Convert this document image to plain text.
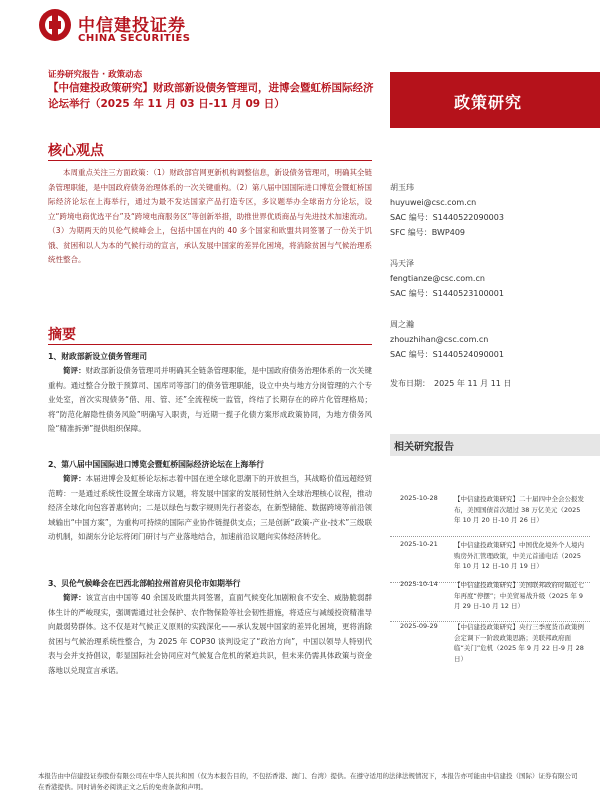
中信建投证券
CHINA SECURITIES
证券研究报告 · 政策动态
【中信建投政策研究】财政部新设债务管理司，进博会暨虹桥国际经济论坛举行（2025 年 11 月 03 日-11 月 09 日）	政策研究
核心观点
本周重点关注三方面政策：（1）财政部官网更新机构调整信息，新设债务管理司，明确其全链条管理职能，是中国政府债务治理体系的一次关键重构。（2）第八届中国国际进口博览会暨虹桥国际经济论坛在上海举行，通过为最不发达国家产品打造专区，多议题举办全球南方分论坛，设立“跨境电商优选平台”及“跨境电商服务区”等创新举措，助推世界优质商品与先进技术加速流动。（3）为期两天的贝伦气候峰会上，包括中国在内的 40 多个国家和欧盟共同签署了一份关于饥饿、贫困和以人为本的气候行动的宣言，承认发展中国家的差异化困境，将消除贫困与气候治理系统性整合。
摘要
1、财政部新设立债务管理司
简评：财政部新设债务管理司并明确其全链条管理职能，是中国政府债务治理体系的一次关键重构。通过整合分散于预算司、国库司等部门的债务管理职能，设立中央与地方分岗管理的六个专业处室，首次实现债务“借、用、管、还”全流程统一监管，终结了长期存在的碎片化管理格局；将“防范化解隐性债务风险”明确写入职责，与近期一揽子化债方案形成政策协同，为地方债务风险“精准拆弹”提供组织保障。
2、第八届中国国际进口博览会暨虹桥国际经济论坛在上海举行
简评：本届进博会及虹桥论坛标志着中国在逆全球化思潮下的开放担当，其战略价值远超经贸范畴：一是通过系统性设置全球南方议题，将发展中国家的发展韧性纳入全球治理核心议程，推动经济全球化向包容普惠转向；二是以绿色与数字规则先行者姿态，在新型储能、数据跨境等前沿领域输出“中国方案”，为重构可持续的国际产业协作链提供支点；三是创新“政策-产业-技术”三级联动机制，如湖东分论坛将闭门研讨与产业落地结合，加速前沿议题向实体经济转化。
3、贝伦气候峰会在巴西北部帕拉州首府贝伦市如期举行
简评：该宣言由中国等 40 余国及欧盟共同签署，直面气候变化加剧粮食不安全、威胁脆弱群体生计的严峻现实，强调需通过社会保护、农作物保险等社会韧性措施，将适应与减缓投资精准导向最弱势群体。这不仅是对气候正义原则的实践深化——承认发展中国家的差异化困境，更将消除贫困与气候治理系统性整合，为 2025 年 COP30 谈判设定了“政治方向”，中国以领导人特别代表与会并支持倡议，彰显国际社会协同应对气候复合危机的紧迫共识，但未来仍需具体政策与资金落地以兑现宣言承诺。
胡玉玮
huyuwei@csc.com.cn
SAC 编号：S1440522090003
SFC 编号：BWP409
冯天泽
fengtianze@csc.com.cn
SAC 编号：S1440523100001
周之瀚
zhouzhihan@csc.com.cn
SAC 编号：S1440524090001
发布日期：　2025 年 11 月 11 日
相关研究报告
2025-10-28 【中信建投政策研究】二十届四中全会公报发布，美国国债首次超过 38 万亿美元（2025 年 10 月 20 日-10 月 26 日）
2025-10-21 【中信建投政策研究】中国优化境外个人境内购房外汇管理政策，中美元首通电话（2025 年 10 月 12 日-10 月 19 日）
2025-10-14 【中信建投政策研究】美国联邦政府时隔近七年再度“停摆”；中美贸易战升级（2025 年 9 月 29 日-10 月 12 日）
2025-09-29 【中信建投政策研究】央行三季度货币政策例会定调下一阶段政策思路；美联邦政府面临“关门”危机（2025 年 9 月 22 日-9 月 28 日）
本报告由中信建投证券股份有限公司在中华人民共和国（仅为本报告目的，不包括香港、澳门、台湾）提供。在遵守适用的法律法规情况下，本报告亦可能由中信建投（国际）证券有限公司在香港提供。同时请务必阅读正文之后的免责条款和声明。
